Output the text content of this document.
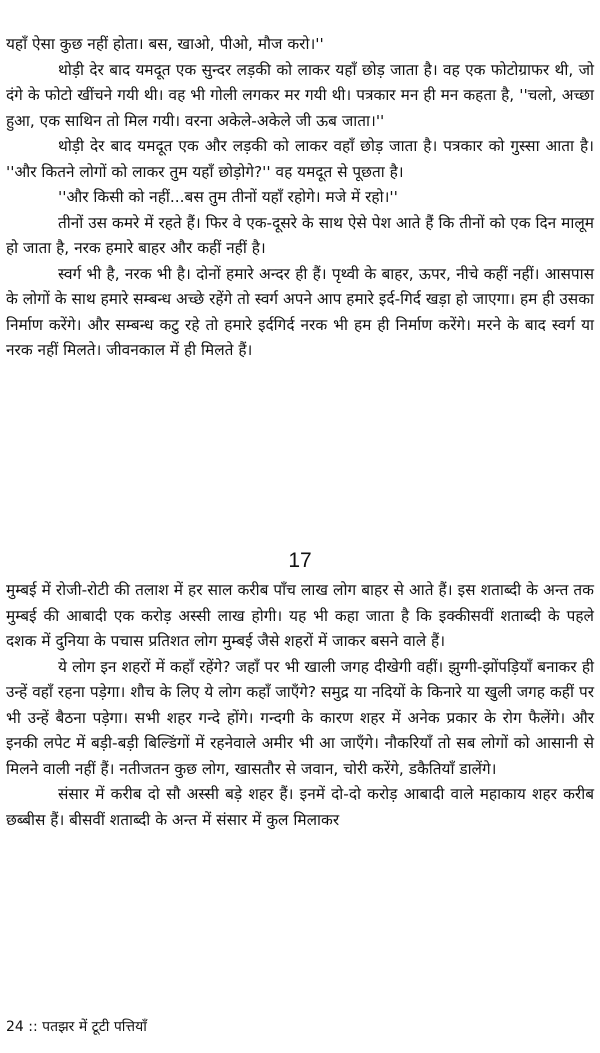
यहाँ ऐसा कुछ नहीं होता। बस, खाओ, पीओ, मौज करो।''

थोड़ी देर बाद यमदूत एक सुन्दर लड़की को लाकर यहाँ छोड़ जाता है। वह एक फोटोग्राफर थी, जो दंगे के फोटो खींचने गयी थी। वह भी गोली लगकर मर गयी थी। पत्रकार मन ही मन कहता है, ''चलो, अच्छा हुआ, एक साथिन तो मिल गयी। वरना अकेले-अकेले जी ऊब जाता।''

थोड़ी देर बाद यमदूत एक और लड़की को लाकर वहाँ छोड़ जाता है। पत्रकार को गुस्सा आता है। ''और कितने लोगों को लाकर तुम यहाँ छोड़ोगे?'' वह यमदूत से पूछता है।

''और किसी को नहीं...बस तुम तीनों यहाँ रहोगे। मजे में रहो।''

तीनों उस कमरे में रहते हैं। फिर वे एक-दूसरे के साथ ऐसे पेश आते हैं कि तीनों को एक दिन मालूम हो जाता है, नरक हमारे बाहर और कहीं नहीं है।

स्वर्ग भी है, नरक भी है। दोनों हमारे अन्दर ही हैं। पृथ्वी के बाहर, ऊपर, नीचे कहीं नहीं। आसपास के लोगों के साथ हमारे सम्बन्ध अच्छे रहेंगे तो स्वर्ग अपने आप हमारे इर्द-गिर्द खड़ा हो जाएगा। हम ही उसका निर्माण करेंगे। और सम्बन्ध कटु रहे तो हमारे इर्दगिर्द नरक भी हम ही निर्माण करेंगे। मरने के बाद स्वर्ग या नरक नहीं मिलते। जीवनकाल में ही मिलते हैं।

17

मुम्बई में रोजी-रोटी की तलाश में हर साल करीब पाँच लाख लोग बाहर से आते हैं। इस शताब्दी के अन्त तक मुम्बई की आबादी एक करोड़ अस्सी लाख होगी। यह भी कहा जाता है कि इक्कीसवीं शताब्दी के पहले दशक में दुनिया के पचास प्रतिशत लोग मुम्बई जैसे शहरों में जाकर बसने वाले हैं।

ये लोग इन शहरों में कहाँ रहेंगे? जहाँ पर भी खाली जगह दीखेगी वहीं। झुग्गी-झोंपड़ियाँ बनाकर ही उन्हें वहाँ रहना पड़ेगा। शौच के लिए ये लोग कहाँ जाएँगे? समुद्र या नदियों के किनारे या खुली जगह कहीं पर भी उन्हें बैठना पड़ेगा। सभी शहर गन्दे होंगे। गन्दगी के कारण शहर में अनेक प्रकार के रोग फैलेंगे। और इनकी लपेट में बड़ी-बड़ी बिल्डिंगों में रहनेवाले अमीर भी आ जाएँगे। नौकरियाँ तो सब लोगों को आसानी से मिलने वाली नहीं हैं। नतीजतन कुछ लोग, खासतौर से जवान, चोरी करेंगे, डकैतियाँ डालेंगे।

संसार में करीब दो सौ अस्सी बड़े शहर हैं। इनमें दो-दो करोड़ आबादी वाले महाकाय शहर करीब छब्बीस हैं। बीसवीं शताब्दी के अन्त में संसार में कुल मिलाकर

24 :: पतझर में टूटी पत्तियाँ
